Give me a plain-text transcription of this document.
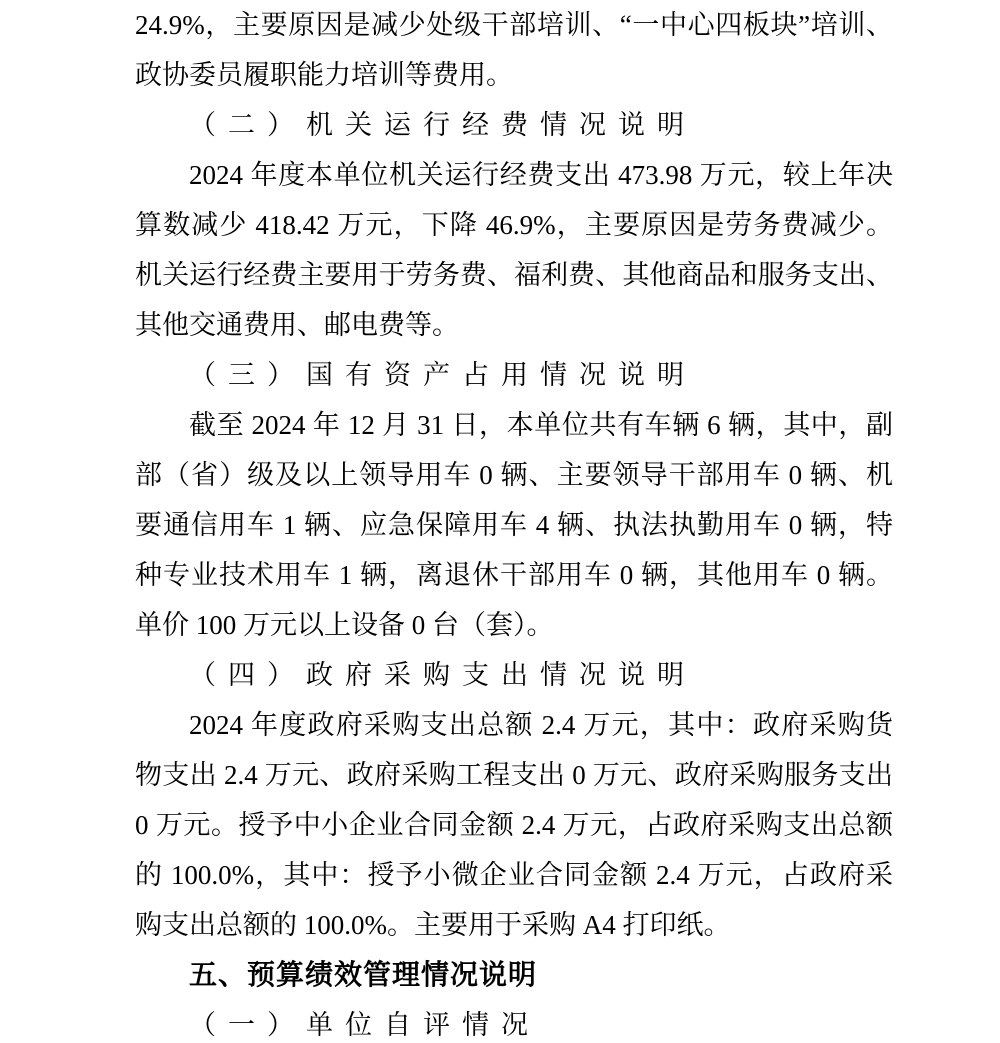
24.9%，主要原因是减少处级干部培训、“一中心四板块”培训、
政协委员履职能力培训等费用。
（二）机关运行经费情况说明
2024 年度本单位机关运行经费支出 473.98 万元，较上年决
算数减少 418.42 万元，下降 46.9%，主要原因是劳务费减少。
机关运行经费主要用于劳务费、福利费、其他商品和服务支出、
其他交通费用、邮电费等。
（三）国有资产占用情况说明
截至 2024 年 12 月 31 日，本单位共有车辆 6 辆，其中，副
部（省）级及以上领导用车 0 辆、主要领导干部用车 0 辆、机
要通信用车 1 辆、应急保障用车 4 辆、执法执勤用车 0 辆，特
种专业技术用车 1 辆，离退休干部用车 0 辆，其他用车 0 辆。
单价 100 万元以上设备 0 台（套）。
（四）政府采购支出情况说明
2024 年度政府采购支出总额 2.4 万元，其中：政府采购货
物支出 2.4 万元、政府采购工程支出 0 万元、政府采购服务支出
0 万元。授予中小企业合同金额 2.4 万元，占政府采购支出总额
的 100.0%，其中：授予小微企业合同金额 2.4 万元，占政府采
购支出总额的 100.0%。主要用于采购 A4 打印纸。
五、预算绩效管理情况说明
（一）单位自评情况
